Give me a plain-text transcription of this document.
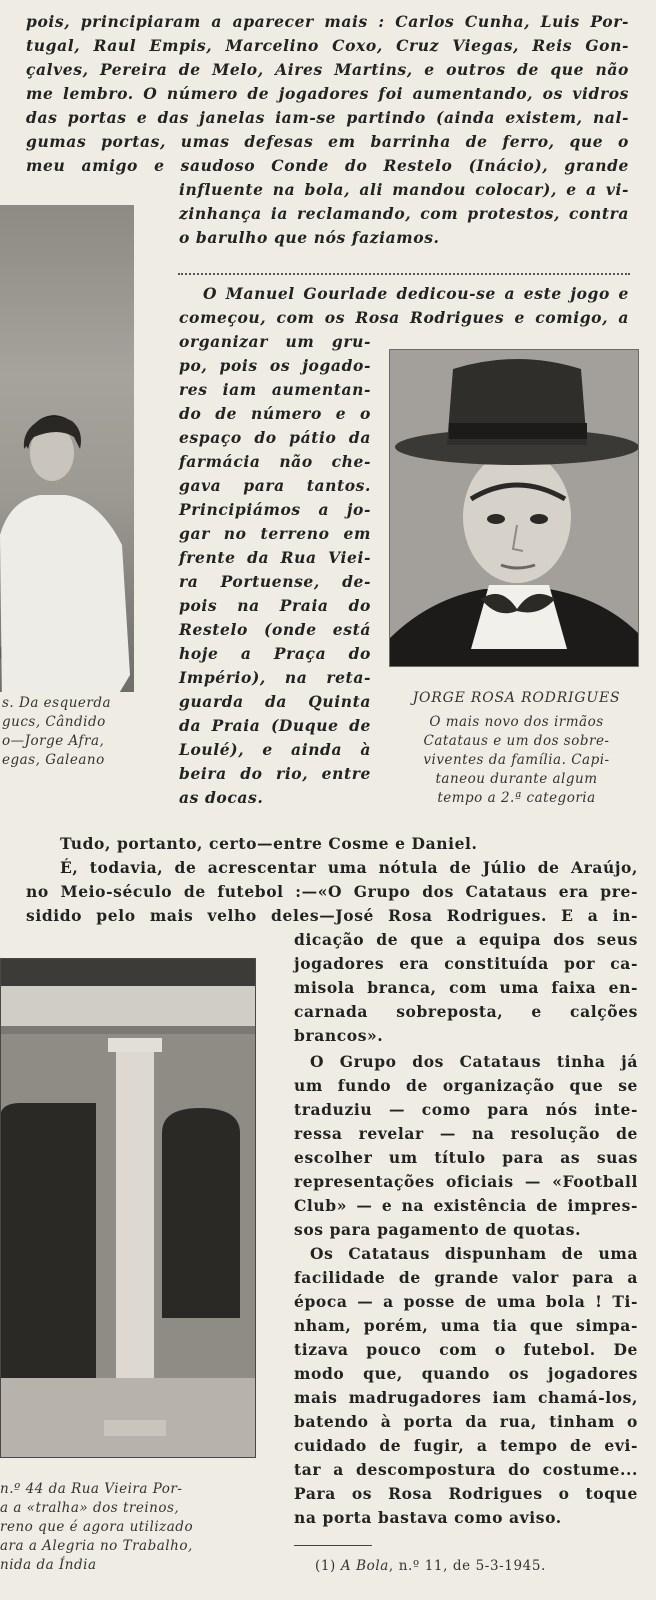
pois, principiaram a aparecer mais : Carlos Cunha, Luis Por-
tugal, Raul Empis, Marcelino Coxo, Cruz Viegas, Reis Gon-
çalves, Pereira de Melo, Aires Martins, e outros de que não
me lembro. O número de jogadores foi aumentando, os vidros
das portas e das janelas iam-se partindo (ainda existem, nal-
gumas portas, umas defesas em barrinha de ferro, que o
meu amigo e saudoso Conde do Restelo (Inácio), grande
influente na bola, ali mandou colocar), e a vi-
zinhança ia reclamando, com protestos, contra
o barulho que nós faziamos.
s. Da esquerda
gucs, Cândido
o—Jorge Afra,
egas, Galeano
O Manuel Gourlade dedicou-se a este jogo e
começou, com os Rosa Rodrigues e comigo, a
organizar um gru-
po, pois os jogado-
res iam aumentan-
do de número e o
espaço do pátio da
farmácia não che-
gava para tantos.
Principiámos a jo-
gar no terreno em
frente da Rua Viei-
ra Portuense, de-
pois na Praia do
Restelo (onde está
hoje a Praça do
Império), na reta-
guarda da Quinta
da Praia (Duque de
Loulé), e ainda à
beira do rio, entre
as docas.
JORGE ROSA RODRIGUES
O mais novo dos irmãos
Catataus e um dos sobre-
viventes da família. Capi-
taneou durante algum
tempo a 2.ª categoria
Tudo, portanto, certo—entre Cosme e Daniel.
É, todavia, de acrescentar uma nótula de Júlio de Araújo,
no Meio-século de futebol :—«O Grupo dos Catataus era pre-
sidido pelo mais velho deles—José Rosa Rodrigues. E a in-
dicação de que a equipa dos seus
jogadores era constituída por ca-
misola branca, com uma faixa en-
carnada sobreposta, e calções
brancos».
O Grupo dos Catataus tinha já
um fundo de organização que se
traduziu — como para nós inte-
ressa revelar — na resolução de
escolher um título para as suas
representações oficiais — «Football
Club» — e na existência de impres-
sos para pagamento de quotas.
Os Catataus dispunham de uma
facilidade de grande valor para a
época — a posse de uma bola ! Ti-
nham, porém, uma tia que simpa-
tizava pouco com o futebol. De
modo que, quando os jogadores
mais madrugadores iam chamá-los,
batendo à porta da rua, tinham o
cuidado de fugir, a tempo de evi-
tar a descompostura do costume...
Para os Rosa Rodrigues o toque
na porta bastava como aviso.
n.º 44 da Rua Vieira Por-
a a «tralha» dos treinos,
reno que é agora utilizado
ara a Alegria no Trabalho,
nida da Índia	(1) A Bola, n.º 11, de 5-3-1945.
